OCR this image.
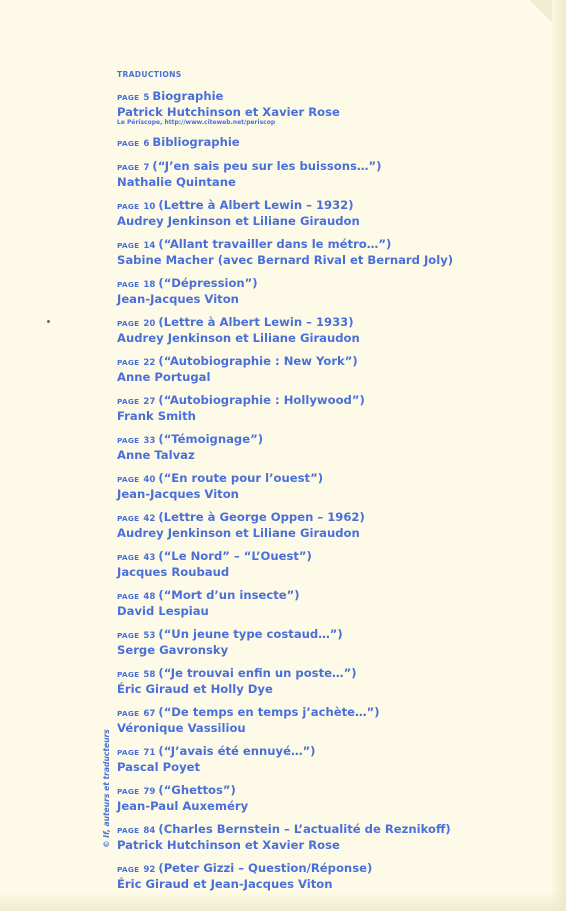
TRADUCTIONS
PAGE 5 Biographie
Patrick Hutchinson et Xavier Rose
Le Périscope, http://www.citeweb.net/periscop
PAGE 6 Bibliographie
PAGE 7 (“J’en sais peu sur les buissons…”)
Nathalie Quintane
PAGE 10 (Lettre à Albert Lewin – 1932)
Audrey Jenkinson et Liliane Giraudon
PAGE 14 (“Allant travailler dans le métro…”)
Sabine Macher (avec Bernard Rival et Bernard Joly)
PAGE 18 (“Dépression”)
Jean-Jacques Viton
PAGE 20 (Lettre à Albert Lewin – 1933)
Audrey Jenkinson et Liliane Giraudon
PAGE 22 (“Autobiographie : New York”)
Anne Portugal
PAGE 27 (“Autobiographie : Hollywood”)
Frank Smith
PAGE 33 (“Témoignage”)
Anne Talvaz
PAGE 40 (“En route pour l’ouest”)
Jean-Jacques Viton
PAGE 42 (Lettre à George Oppen – 1962)
Audrey Jenkinson et Liliane Giraudon
PAGE 43 (“Le Nord” – “L’Ouest”)
Jacques Roubaud
PAGE 48 (“Mort d’un insecte”)
David Lespiau
PAGE 53 (“Un jeune type costaud…”)
Serge Gavronsky
PAGE 58 (“Je trouvai enfin un poste…”)
Éric Giraud et Holly Dye
PAGE 67 (“De temps en temps j’achète…”)
Véronique Vassiliou
PAGE 71 (“J’avais été ennuyé…”)
Pascal Poyet
PAGE 79 (“Ghettos”)
Jean-Paul Auxeméry
PAGE 84 (Charles Bernstein – L’actualité de Reznikoff)
Patrick Hutchinson et Xavier Rose
PAGE 92 (Peter Gizzi – Question/Réponse)
Éric Giraud et Jean-Jacques Viton
© If, auteurs et traducteurs
